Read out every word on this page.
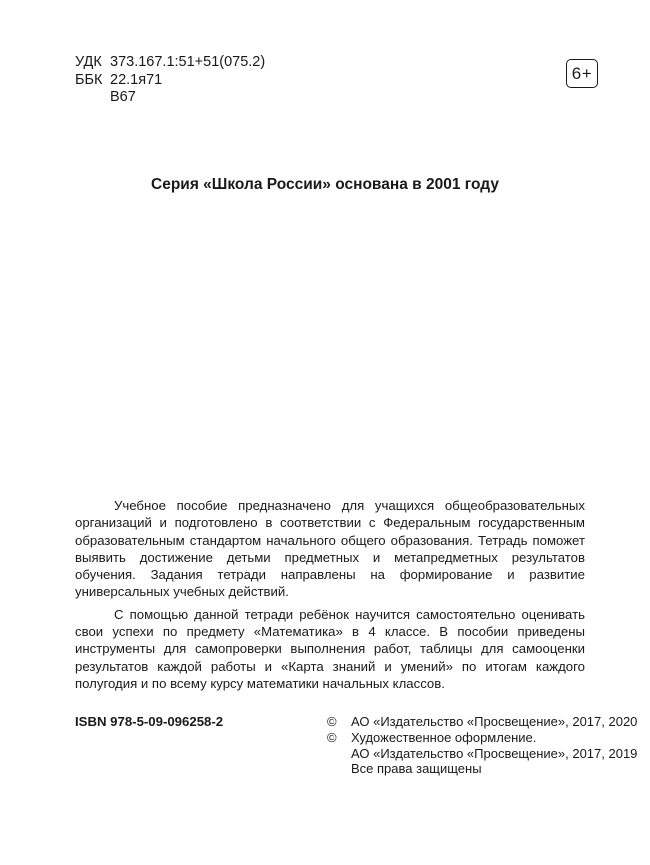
УДК 373.167.1:51+51(075.2)
ББК 22.1я71
В67
6+
Серия «Школа России» основана в 2001 году

Учебное пособие предназначено для учащихся общеобразовательных организаций и подготовлено в соответствии с Федеральным государственным образовательным стандартом начального общего образования. Тетрадь поможет выявить достижение детьми предметных и метапредметных результатов обучения. Задания тетради направлены на формирование и развитие универсальных учебных действий.

С помощью данной тетради ребёнок научится самостоятельно оценивать свои успехи по предмету «Математика» в 4 классе. В пособии приведены инструменты для самопроверки выполнения работ, таблицы для самооценки результатов каждой работы и «Карта знаний и умений» по итогам каждого полугодия и по всему курсу математики начальных классов.

ISBN 978-5-09-096258-2	©	АО «Издательство «Просвещение», 2017, 2020
©	Художественное оформление.
АО «Издательство «Просвещение», 2017, 2019
Все права защищены
